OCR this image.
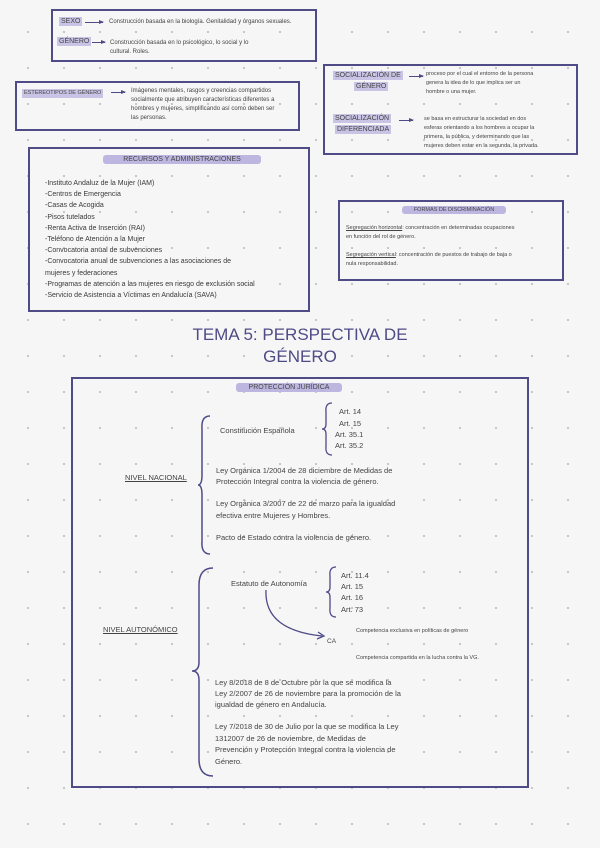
SEXO	Construcción basada en la biología. Genitalidad y órganos sexuales.
GÉNERO	Construcción basada en lo psicológico, lo social y lo
cultural. Roles.
ESTEREOTIPOS DE GÉNERO	Imágenes mentales, rasgos y creencias compartidos
socialmente que atribuyen características diferentes a
hombres y mujeres, simplificando así como deben ser
las personas.
SOCIALIZACIÓN DE
GÉNERO
proceso por el cual el entorno de la persona
genera la idea de lo que implica ser un
hombre o una mujer.
SOCIALIZACIÓN
DIFERENCIADA
se basa en estructurar la sociedad en dos
esferas orientando a los hombres a ocupar la
primera, la pública, y determinando que las
mujeres deben estar en la segunda, la privada.
RECURSOS Y ADMINISTRACIONES
-Instituto Andaluz de la Mujer (IAM)
-Centros de Emergencia
-Casas de Acogida
-Pisos tutelados
-Renta Activa de Inserción (RAI)
-Teléfono de Atención a la Mujer
-Convocatoria anual de subvenciones
-Convocatoria anual de subvenciones a las asociaciones de
mujeres y federaciones
-Programas de atención a las mujeres en riesgo de exclusión social
-Servicio de Asistencia a Víctimas en Andalucía (SAVA)
FORMAS DE DISCRIMINACIÓN
Segregación horizontal: concentración en determinadas ocupaciones
en función del rol de género.
Segregación vertical: concentración de puestos de trabajo de baja o
nula responsabilidad.
TEMA 5: PERSPECTIVA DE
GÉNERO
PROTECCIÓN JURÍDICA
NIVEL NACIONAL
Constitución Española
Art. 14
Art. 15
Art. 35.1
Art. 35.2
Ley Orgánica 1/2004 de 28 diciembre de Medidas de
Protección Integral contra la violencia de género.
Ley Orgánica 3/2007 de 22 de marzo para la igualdad
efectiva entre Mujeres y Hombres.
Pacto de Estado contra la violencia de género.
NIVEL AUTONÓMICO
Estatuto de Autonomía
Art. 11.4
Art. 15
Art. 16
Art. 73
CA
Competencia exclusiva en políticas de género
Competencia compartida en la lucha contra la VG.
Ley 8/2018 de 8 de Octubre por la que se modifica la
Ley 2/2007 de 26 de noviembre para la promoción de la
igualdad de género en Andalucía.
Ley 7/2018 de 30 de Julio por la que se modifica la Ley
1312007 de 26 de noviembre, de Medidas de
Prevención y Protección Integral contra la violencia de
Género.
